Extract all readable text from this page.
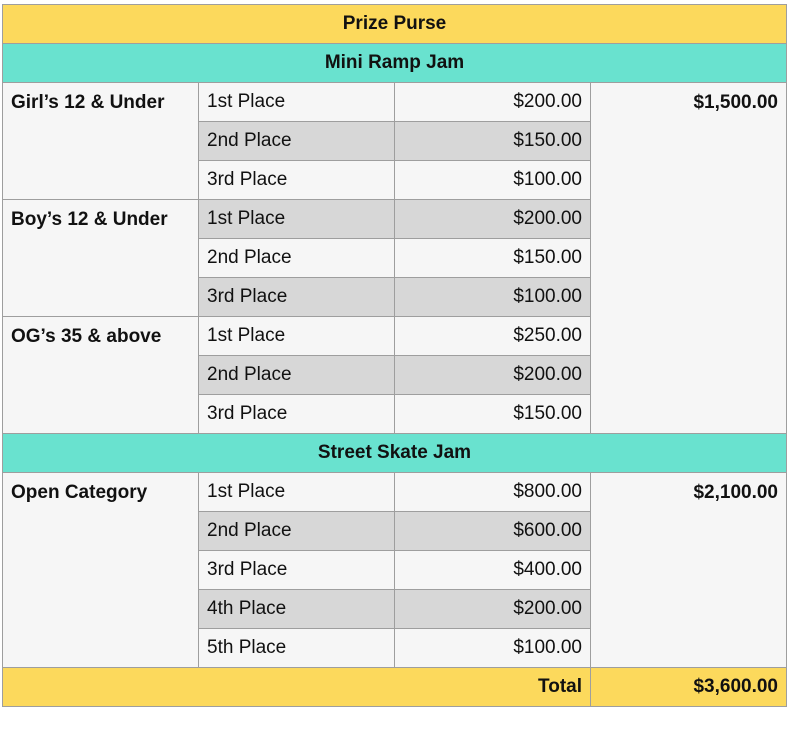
Prize Purse			
Mini Ramp Jam			
Girl’s 12 & Under	1st Place	$200.00	$1,500.00
	2nd Place	$150.00	
	3rd Place	$100.00	
Boy’s 12 & Under	1st Place	$200.00	
	2nd Place	$150.00	
	3rd Place	$100.00	
OG’s 35 & above	1st Place	$250.00	
	2nd Place	$200.00	
	3rd Place	$150.00	
Street Skate Jam			
Open Category	1st Place	$800.00	$2,100.00
	2nd Place	$600.00	
	3rd Place	$400.00	
	4th Place	$200.00	
	5th Place	$100.00	
Total			$3,600.00
